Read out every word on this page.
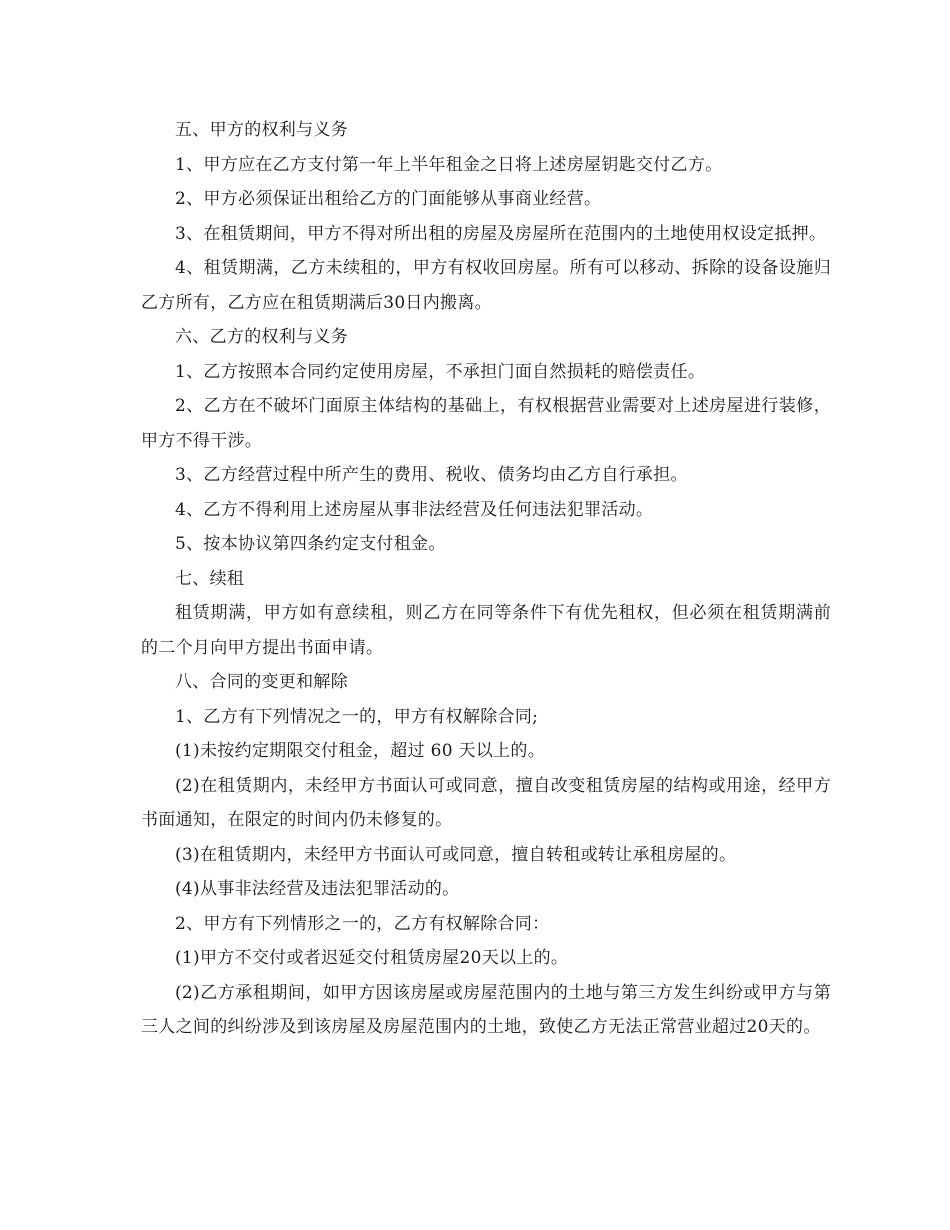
五、甲方的权利与义务

1、甲方应在乙方支付第一年上半年租金之日将上述房屋钥匙交付乙方。

2、甲方必须保证出租给乙方的门面能够从事商业经营。

3、在租赁期间，甲方不得对所出租的房屋及房屋所在范围内的土地使用权设定抵押。

4、租赁期满，乙方未续租的，甲方有权收回房屋。所有可以移动、拆除的设备设施归乙方所有，乙方应在租赁期满后30日内搬离。

六、乙方的权利与义务

1、乙方按照本合同约定使用房屋，不承担门面自然损耗的赔偿责任。

2、乙方在不破坏门面原主体结构的基础上，有权根据营业需要对上述房屋进行装修，甲方不得干涉。

3、乙方经营过程中所产生的费用、税收、债务均由乙方自行承担。

4、乙方不得利用上述房屋从事非法经营及任何违法犯罪活动。

5、按本协议第四条约定支付租金。

七、续租

租赁期满，甲方如有意续租，则乙方在同等条件下有优先租权，但必须在租赁期满前的二个月向甲方提出书面申请。

八、合同的变更和解除

1、乙方有下列情况之一的，甲方有权解除合同;

(1)未按约定期限交付租金，超过 60 天以上的。

(2)在租赁期内，未经甲方书面认可或同意，擅自改变租赁房屋的结构或用途，经甲方书面通知，在限定的时间内仍未修复的。

(3)在租赁期内，未经甲方书面认可或同意，擅自转租或转让承租房屋的。

(4)从事非法经营及违法犯罪活动的。

2、甲方有下列情形之一的，乙方有权解除合同：

(1)甲方不交付或者迟延交付租赁房屋20天以上的。

(2)乙方承租期间，如甲方因该房屋或房屋范围内的土地与第三方发生纠纷或甲方与第三人之间的纠纷涉及到该房屋及房屋范围内的土地，致使乙方无法正常营业超过20天的。
